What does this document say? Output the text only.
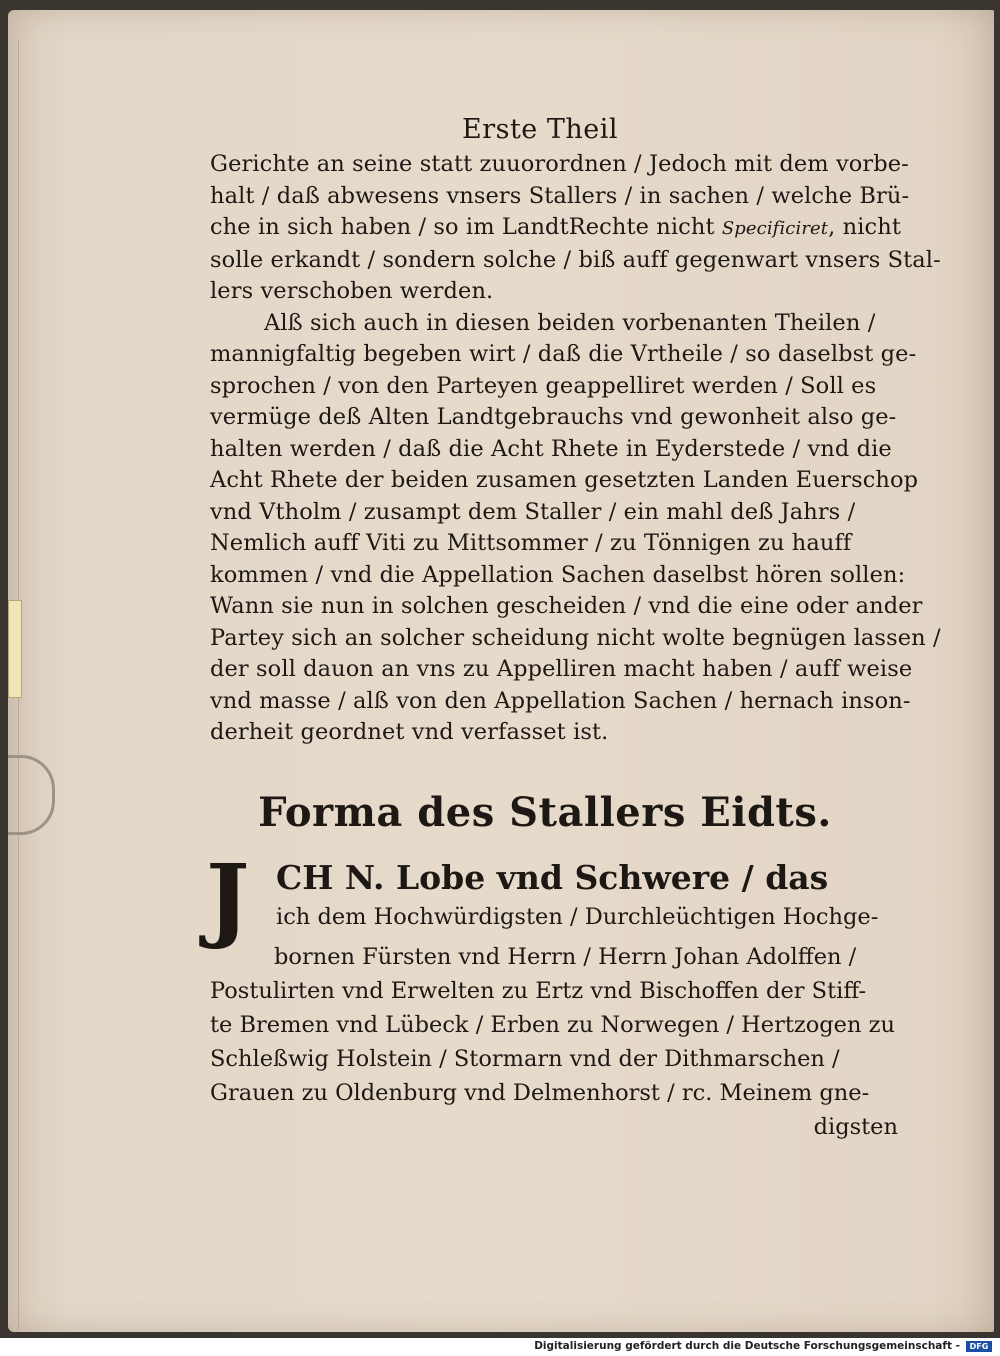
Erste Theil
Gerichte an seine statt zuuorordnen / Jedoch mit dem vorbe-
halt / daß abwesens vnsers Stallers / in sachen / welche Brü-
che in sich haben / so im LandtRechte nicht Specificiret, nicht
solle erkandt / sondern solche / biß auff gegenwart vnsers Stal-
lers verschoben werden.
Alß sich auch in diesen beiden vorbenanten Theilen /
mannigfaltig begeben wirt / daß die Vrtheile / so daselbst ge-
sprochen / von den Parteyen geappelliret werden / Soll es
vermüge deß Alten Landtgebrauchs vnd gewonheit also ge-
halten werden / daß die Acht Rhete in Eyderstede / vnd die
Acht Rhete der beiden zusamen gesetzten Landen Euerschop
vnd Vtholm / zusampt dem Staller / ein mahl deß Jahrs /
Nemlich auff Viti zu Mittsommer / zu Tönnigen zu hauff
kommen / vnd die Appellation Sachen daselbst hören sollen:
Wann sie nun in solchen gescheiden / vnd die eine oder ander
Partey sich an solcher scheidung nicht wolte begnügen lassen /
der soll dauon an vns zu Appelliren macht haben / auff weise
vnd masse / alß von den Appellation Sachen / hernach inson-
derheit geordnet vnd verfasset ist.
Forma des Stallers Eidts.
J CH N. Lobe vnd Schwere / das
ich dem Hochwürdigsten / Durchleüchtigen Hochge-
bornen Fürsten vnd Herrn / Herrn Johan Adolffen /
Postulirten vnd Erwelten zu Ertz vnd Bischoffen der Stiff-
te Bremen vnd Lübeck / Erben zu Norwegen / Hertzogen zu
Schleßwig Holstein / Stormarn vnd der Dithmarschen /
Grauen zu Oldenburg vnd Delmenhorst / rc. Meinem gne-
digsten
Digitalisierung gefördert durch die Deutsche Forschungsgemeinschaft -	DFG
